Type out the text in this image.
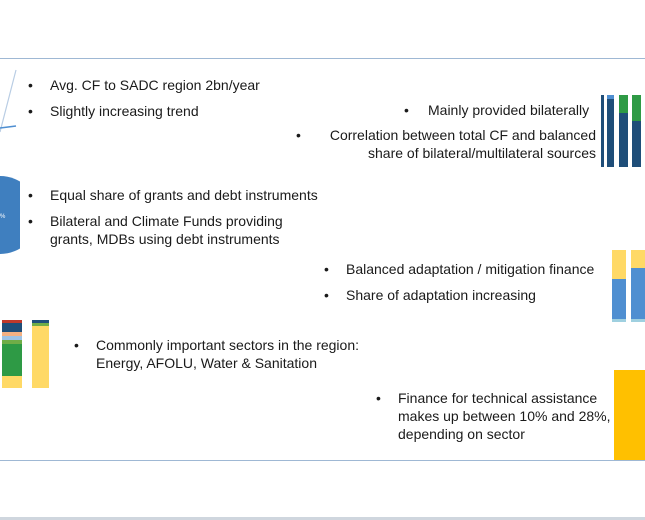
•	Avg. CF to SADC region 2bn/year
•	Slightly increasing trend	•	Mainly provided bilaterally
•	Correlation between total CF and balanced share of bilateral/multilateral sources
%
•	Equal share of grants and debt instruments
•	Bilateral and Climate Funds providing grants, MDBs using debt instruments
•	Balanced adaptation / mitigation finance
•	Share of adaptation increasing
•	Commonly important sectors in the region: Energy, AFOLU, Water & Sanitation
•	Finance for technical assistance makes up between 10% and 28%, depending on sector
